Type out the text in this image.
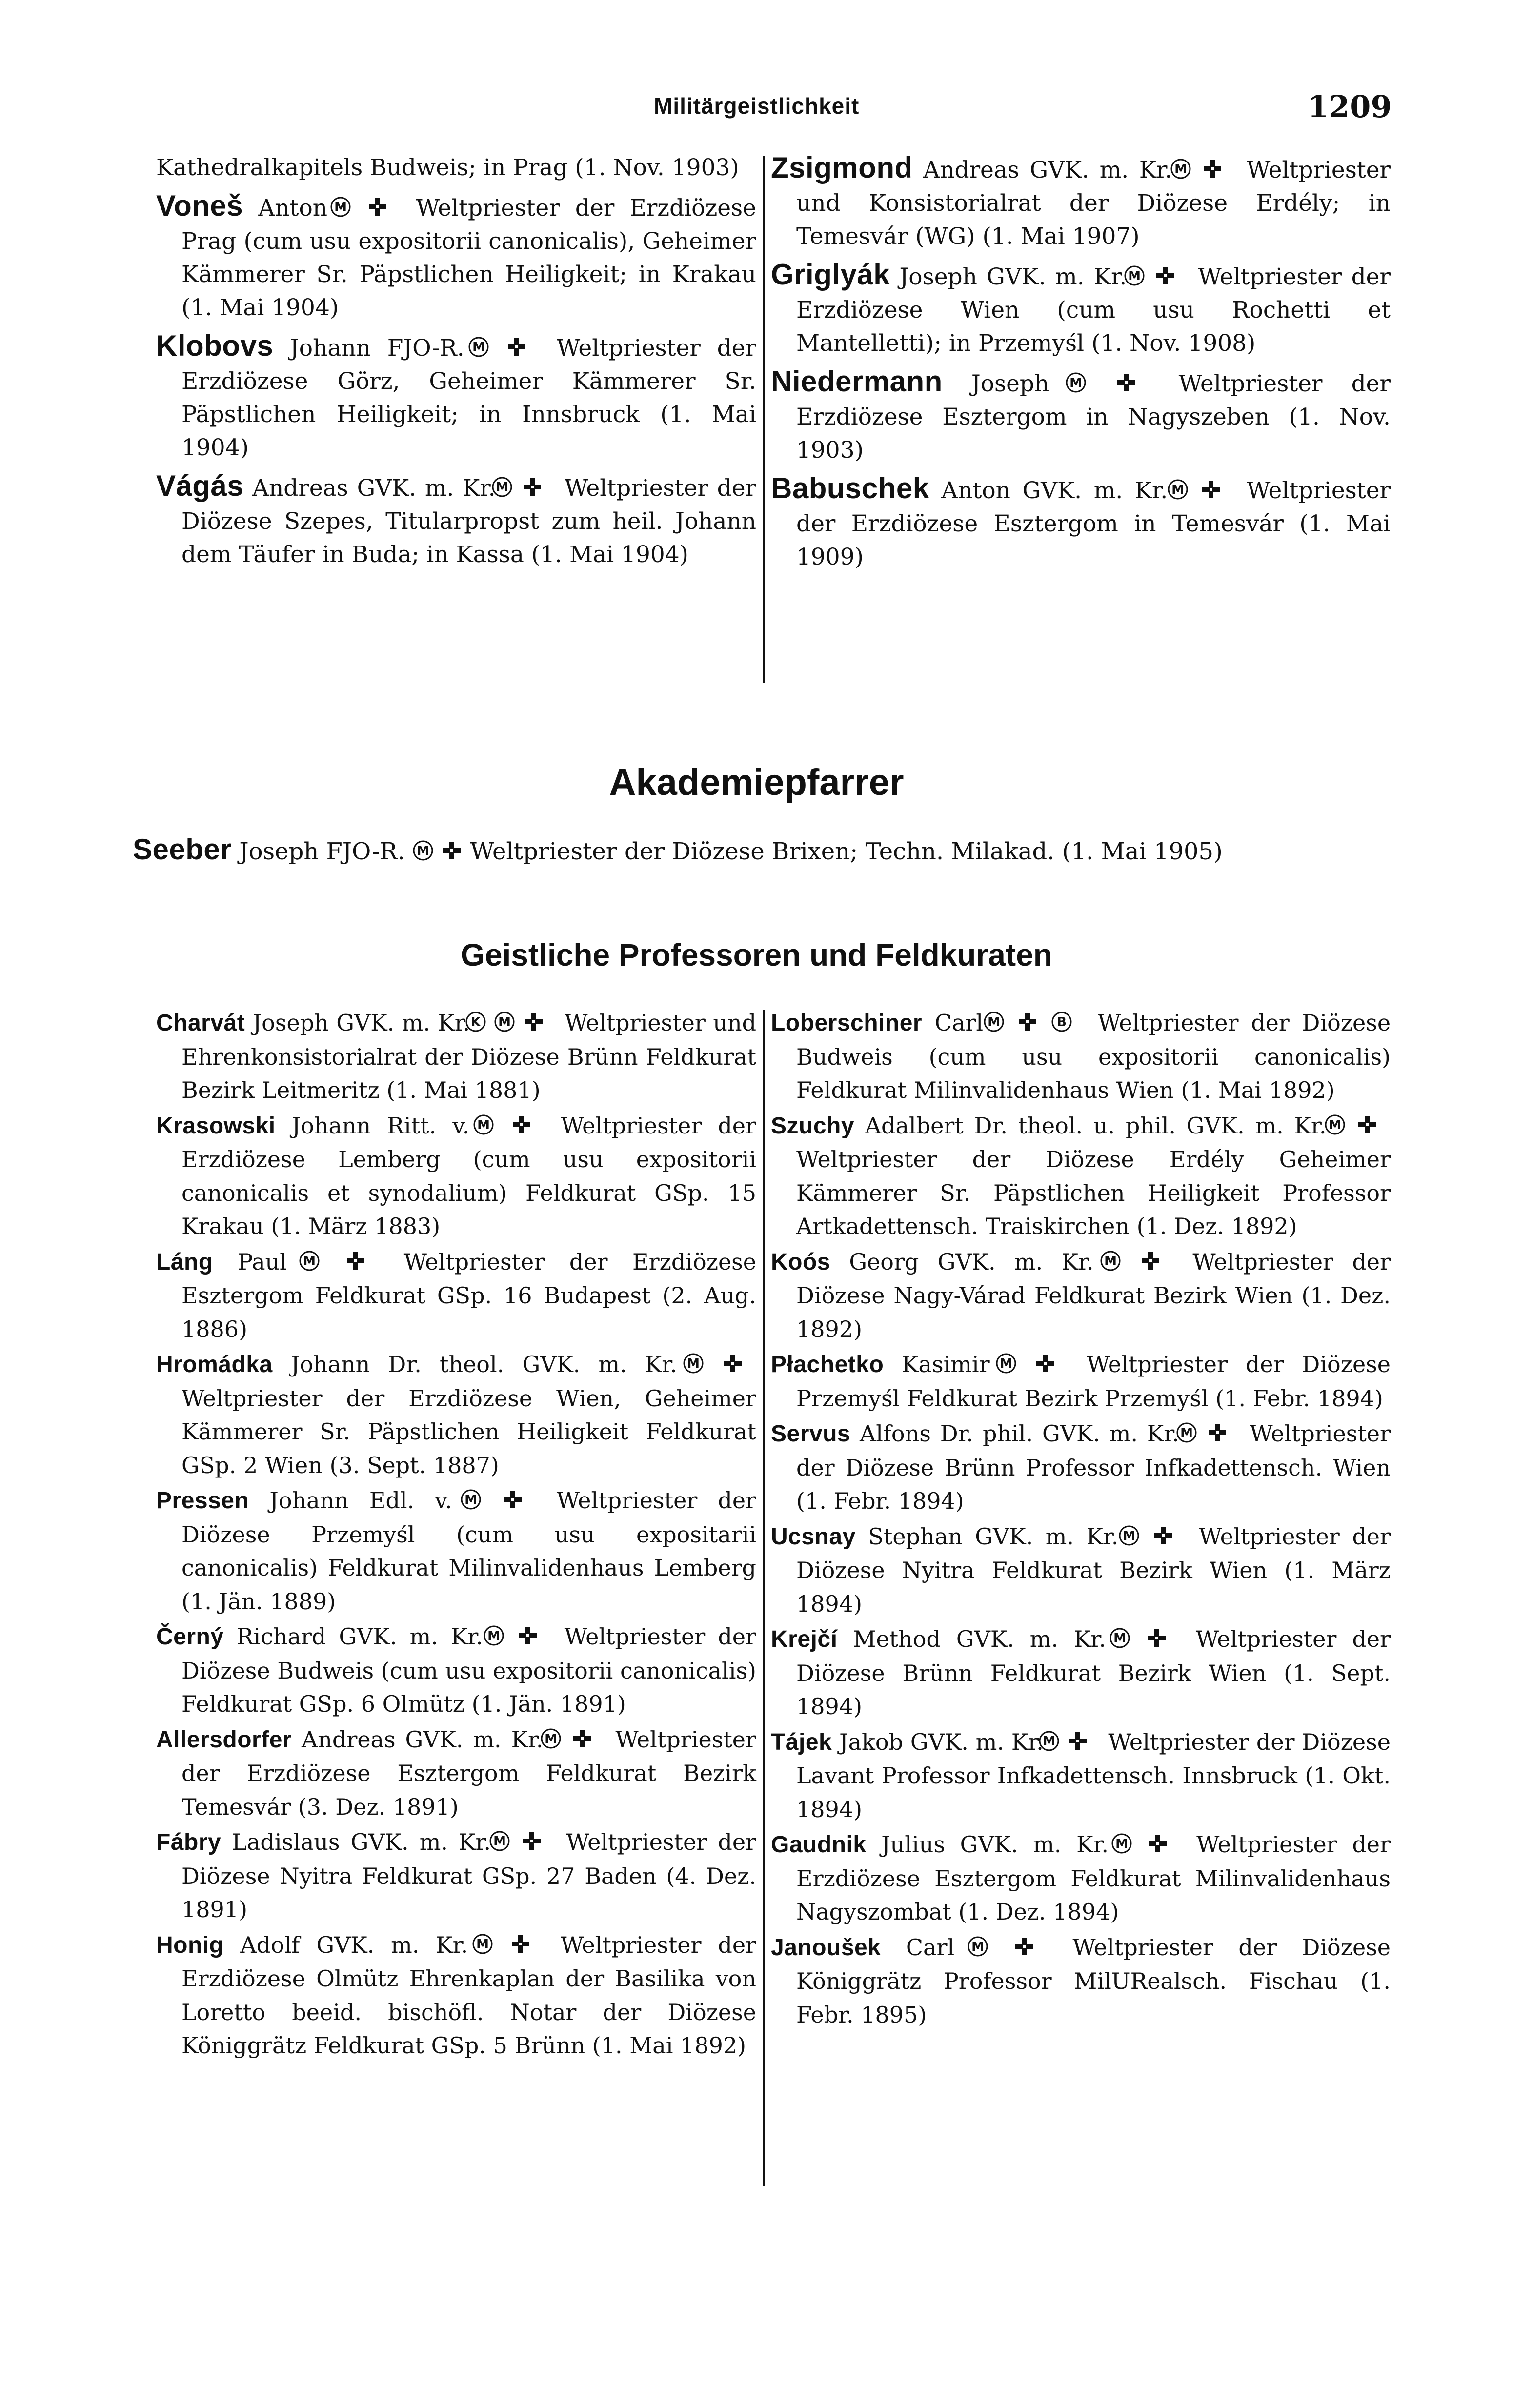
Militärgeistlichkeit	1209
Kathedralkapitels Budweis; in Prag (1. Nov. 1903)
Voneš Anton M	Weltpriester der Erzdiözese Prag (cum usu expositorii canonicalis), Geheimer Kämmerer Sr. Päpstlichen Heiligkeit; in Krakau (1. Mai 1904)
Klobovs Johann FJO-R. M	Weltpriester der Erzdiözese Görz, Geheimer Kämmerer Sr. Päpstlichen Heiligkeit; in Innsbruck (1. Mai 1904)
Vágás Andreas GVK. m. Kr. M Weltpriester der Diözese Szepes, Titularpropst zum heil. Johann dem Täufer in Buda; in Kassa (1. Mai 1904)
Zsigmond Andreas GVK. m. Kr. M	Weltpriester und Konsistorialrat der Diözese Erdély; in Temesvár (WG) (1. Mai 1907)
Griglyák Joseph GVK. m. Kr. M	Weltpriester der Erzdiözese Wien (cum usu Rochetti et Mantelletti); in Przemyśl (1. Nov. 1908)
Niedermann Joseph M	Weltpriester der Erzdiözese Esztergom in Nagyszeben (1. Nov. 1903)
Babuschek Anton GVK. m. Kr. M	Weltpriester der Erzdiözese Esztergom in Temesvár (1. Mai 1909)
Akademiepfarrer
Seeber Joseph FJO-R. M Weltpriester der Diözese Brixen; Techn. Milakad. (1. Mai 1905)
Geistliche Professoren und Feldkuraten
Charvát Joseph GVK. m. Kr. K
M Weltpriester und Ehrenkonsistorialrat der Diözese Brünn Feldkurat Bezirk Leitmeritz (1. Mai 1881)
Krasowski Johann Ritt. v. M	Weltpriester der Erzdiözese Lemberg (cum usu expositorii canonicalis et synodalium) Feldkurat GSp. 15 Krakau (1. März 1883)
Láng Paul M	Weltpriester der Erzdiözese Esztergom Feldkurat GSp. 16 Budapest (2. Aug. 1886)
Hromádka Johann Dr. theol. GVK. m. Kr. M
Weltpriester der Erzdiözese Wien, Geheimer Kämmerer Sr. Päpstlichen Heiligkeit Feldkurat GSp. 2 Wien (3. Sept. 1887)
Pressen Johann Edl. v. M	Weltpriester der Diözese Przemyśl (cum usu expositarii canonicalis) Feldkurat Milinvalidenhaus Lemberg (1. Jän. 1889)
Černý Richard GVK. m. Kr. M	Weltpriester der Diözese Budweis (cum usu expositorii canonicalis) Feldkurat GSp. 6 Olmütz (1. Jän. 1891)
Allersdorfer Andreas GVK. m. Kr. M	Weltpriester der Erzdiözese Esztergom Feldkurat Bezirk Temesvár (3. Dez. 1891)
Fábry Ladislaus GVK. m. Kr. M	Weltpriester der Diözese Nyitra Feldkurat GSp. 27 Baden (4. Dez. 1891)
Honig Adolf GVK. m. Kr. M	Weltpriester der Erzdiözese Olmütz Ehrenkaplan der Basilika von Loretto beeid. bischöfl. Notar der Diözese Königgrätz Feldkurat GSp. 5 Brünn (1. Mai 1892)
Loberschiner Carl M
	B Weltpriester der Diözese Budweis (cum usu expositorii canonicalis) Feldkurat Milinvalidenhaus Wien (1. Mai 1892)
Szuchy Adalbert Dr. theol. u. phil. GVK. m. Kr. M
Weltpriester der Diözese Erdély Geheimer Kämmerer Sr. Päpstlichen Heiligkeit Professor Artkadettensch. Traiskirchen (1. Dez. 1892)
Koós Georg GVK. m. Kr. M	Weltpriester der Diözese Nagy-Várad Feldkurat Bezirk Wien (1. Dez. 1892)
Płachetko Kasimir M	Weltpriester der Diözese Przemyśl Feldkurat Bezirk Przemyśl (1. Febr. 1894)
Servus Alfons Dr. phil. GVK. m. Kr. M	Weltpriester der Diözese Brünn Professor Infkadettensch. Wien (1. Febr. 1894)
Ucsnay Stephan GVK. m. Kr. M	Weltpriester der Diözese Nyitra Feldkurat Bezirk Wien (1. März 1894)
Krejčí Method GVK. m. Kr. M	Weltpriester der Diözese Brünn Feldkurat Bezirk Wien (1. Sept. 1894)
Tájek Jakob GVK. m. Kr.
M Weltpriester der Diözese Lavant Professor Infkadettensch. Innsbruck (1. Okt. 1894)
Gaudnik Julius GVK. m. Kr. M	Weltpriester der Erzdiözese Esztergom Feldkurat Milinvalidenhaus Nagyszombat (1. Dez. 1894)
Janoušek Carl M	Weltpriester der Diözese Königgrätz Professor MilURealsch. Fischau (1. Febr. 1895)
